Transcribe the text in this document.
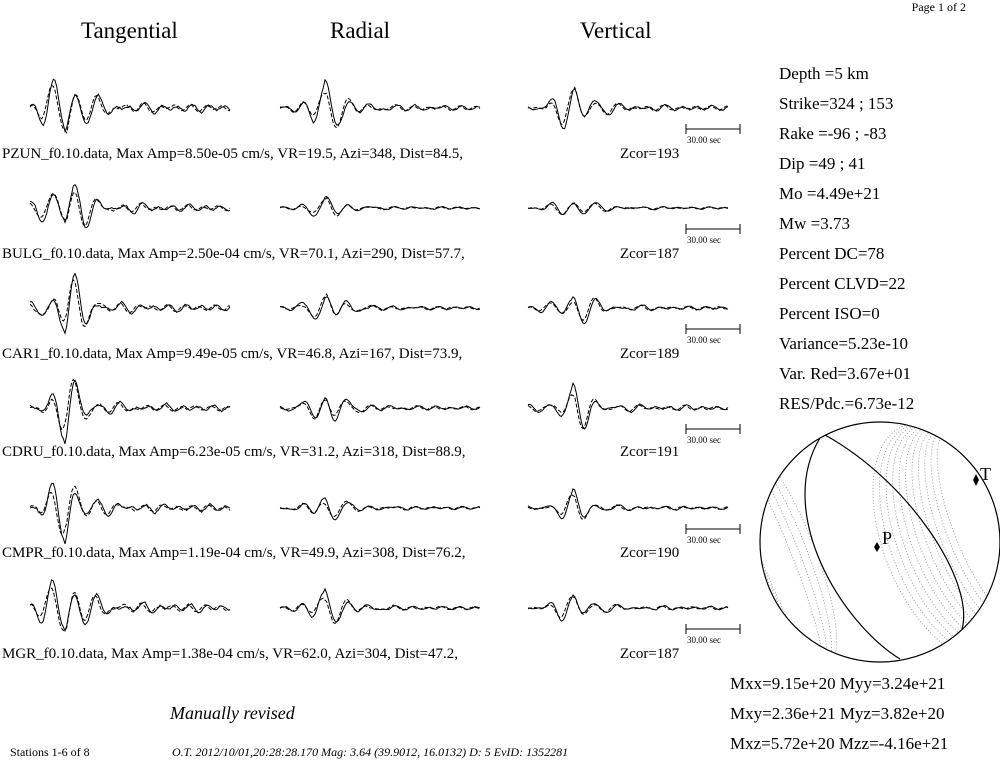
Page 1 of 2
Tangential	Radial	Vertical
30.00 sec
30.00 sec
30.00 sec
30.00 sec
30.00 sec
30.00 sec
T
P
PZUN_f0.10.data, Max Amp=8.50e-05 cm/s, VR=19.5, Azi=348, Dist=84.5,	Zcor=193
BULG_f0.10.data, Max Amp=2.50e-04 cm/s, VR=70.1, Azi=290, Dist=57.7,	Zcor=187
CAR1_f0.10.data, Max Amp=9.49e-05 cm/s, VR=46.8, Azi=167, Dist=73.9,	Zcor=189
CDRU_f0.10.data, Max Amp=6.23e-05 cm/s, VR=31.2, Azi=318, Dist=88.9,	Zcor=191
CMPR_f0.10.data, Max Amp=1.19e-04 cm/s, VR=49.9, Azi=308, Dist=76.2,	Zcor=190
MGR_f0.10.data, Max Amp=1.38e-04 cm/s, VR=62.0, Azi=304, Dist=47.2,	Zcor=187
Depth =5 km
Strike=324 ; 153
Rake =-96 ; -83
Dip =49 ; 41
Mo =4.49e+21
Mw =3.73
Percent DC=78
Percent CLVD=22
Percent ISO=0
Variance=5.23e-10
Var. Red=3.67e+01
RES/Pdc.=6.73e-12
Mxx=9.15e+20 Myy=3.24e+21
Mxy=2.36e+21 Myz=3.82e+20
Mxz=5.72e+20 Mzz=-4.16e+21
Manually revised
Stations 1-6 of 8	O.T. 2012/10/01,20:28:28.170 Mag: 3.64 (39.9012, 16.0132) D: 5 EvID: 1352281
